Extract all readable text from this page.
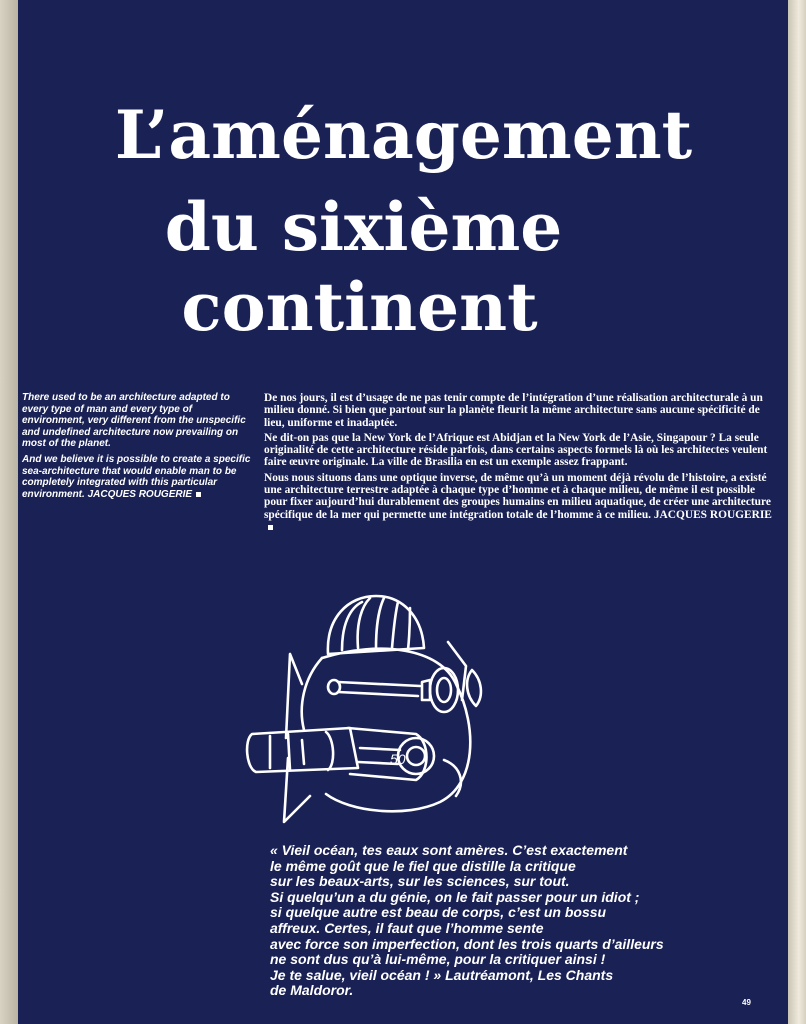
L’aménagement
du sixième
continent

There used to be an architecture adapted to every type of man and every type of environment, very different from the unspecific and undefined architecture now prevailing on most of the planet.

And we believe it is possible to create a specific sea-architecture that would enable man to be completely integrated with this particular environment. JACQUES ROUGERIE

De nos jours, il est d’usage de ne pas tenir compte de l’intégration d’une réalisation architecturale à un milieu donné. Si bien que partout sur la planète fleurit la même architecture sans aucune spécificité de lieu, uniforme et inadaptée.

Ne dit-on pas que la New York de l’Afrique est Abidjan et la New York de l’Asie, Singapour ? La seule originalité de cette architecture réside parfois, dans certains aspects formels là où les architectes veulent faire œuvre originale. La ville de Brasilia en est un exemple assez frappant.

Nous nous situons dans une optique inverse, de même qu’à un moment déjà révolu de l’histoire, a existé une architecture terrestre adaptée à chaque type d’homme et à chaque milieu, de même il est possible pour fixer aujourd’hui durablement des groupes humains en milieu aquatique, de créer une architecture spécifique de la mer qui permette une intégration totale de l’homme à ce milieu. JACQUES ROUGERIE

50
« Vieil océan, tes eaux sont amères. C’est exactement
le même goût que le fiel que distille la critique
sur les beaux-arts, sur les sciences, sur tout.
Si quelqu’un a du génie, on le fait passer pour un idiot ;
si quelque autre est beau de corps, c’est un bossu
affreux. Certes, il faut que l’homme sente
avec force son imperfection, dont les trois quarts d’ailleurs
ne sont dus qu’à lui-même, pour la critiquer ainsi !
Je te salue, vieil océan ! » Lautréamont, Les Chants
de Maldoror.
49
